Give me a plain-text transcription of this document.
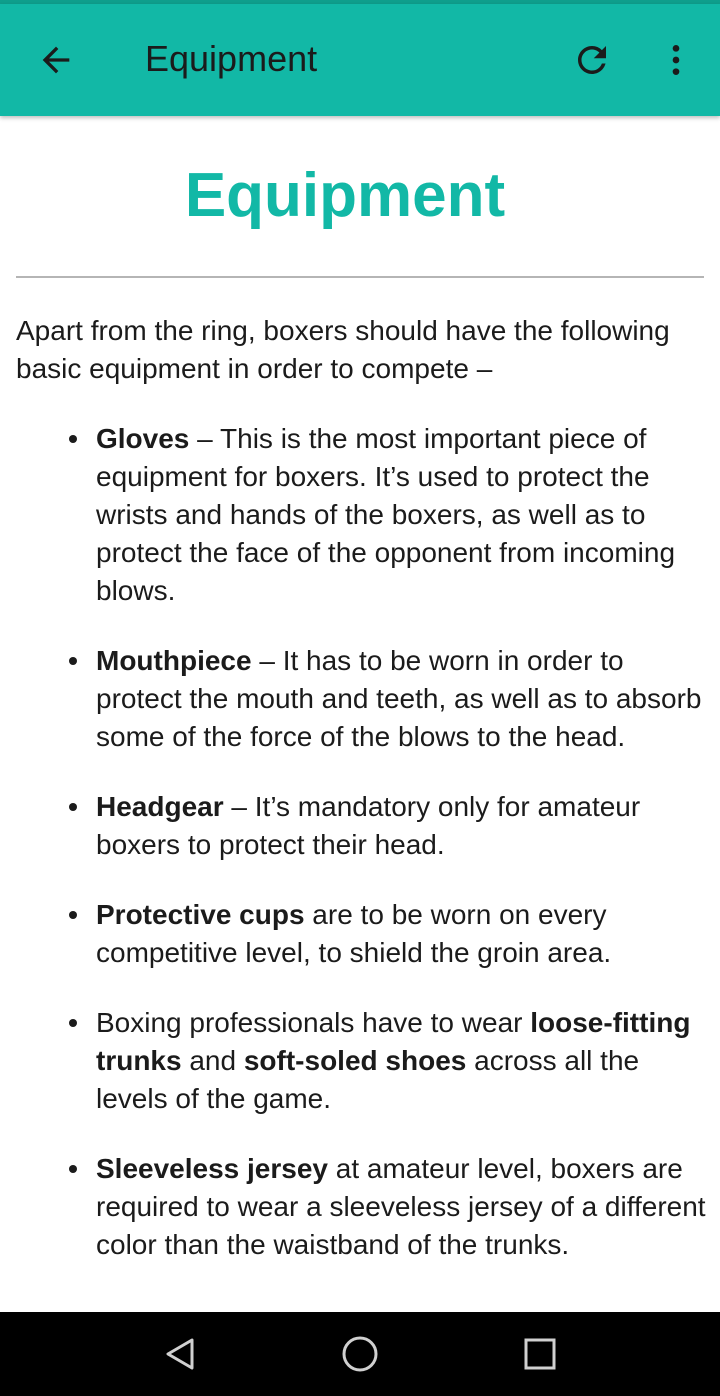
Equipment
Equipment
Apart from the ring, boxers should have the following basic equipment in order to compete –
Gloves – This is the most important piece of equipment for boxers. It’s used to protect the wrists and hands of the boxers, as well as to protect the face of the opponent from incoming blows.
Mouthpiece – It has to be worn in order to protect the mouth and teeth, as well as to absorb some of the force of the blows to the head.
Headgear – It’s mandatory only for amateur boxers to protect their head.
Protective cups are to be worn on every competitive level, to shield the groin area.
Boxing professionals have to wear loose-fitting trunks and soft-soled shoes across all the levels of the game.
Sleeveless jersey at amateur level, boxers are required to wear a sleeveless jersey of a different color than the waistband of the trunks.
